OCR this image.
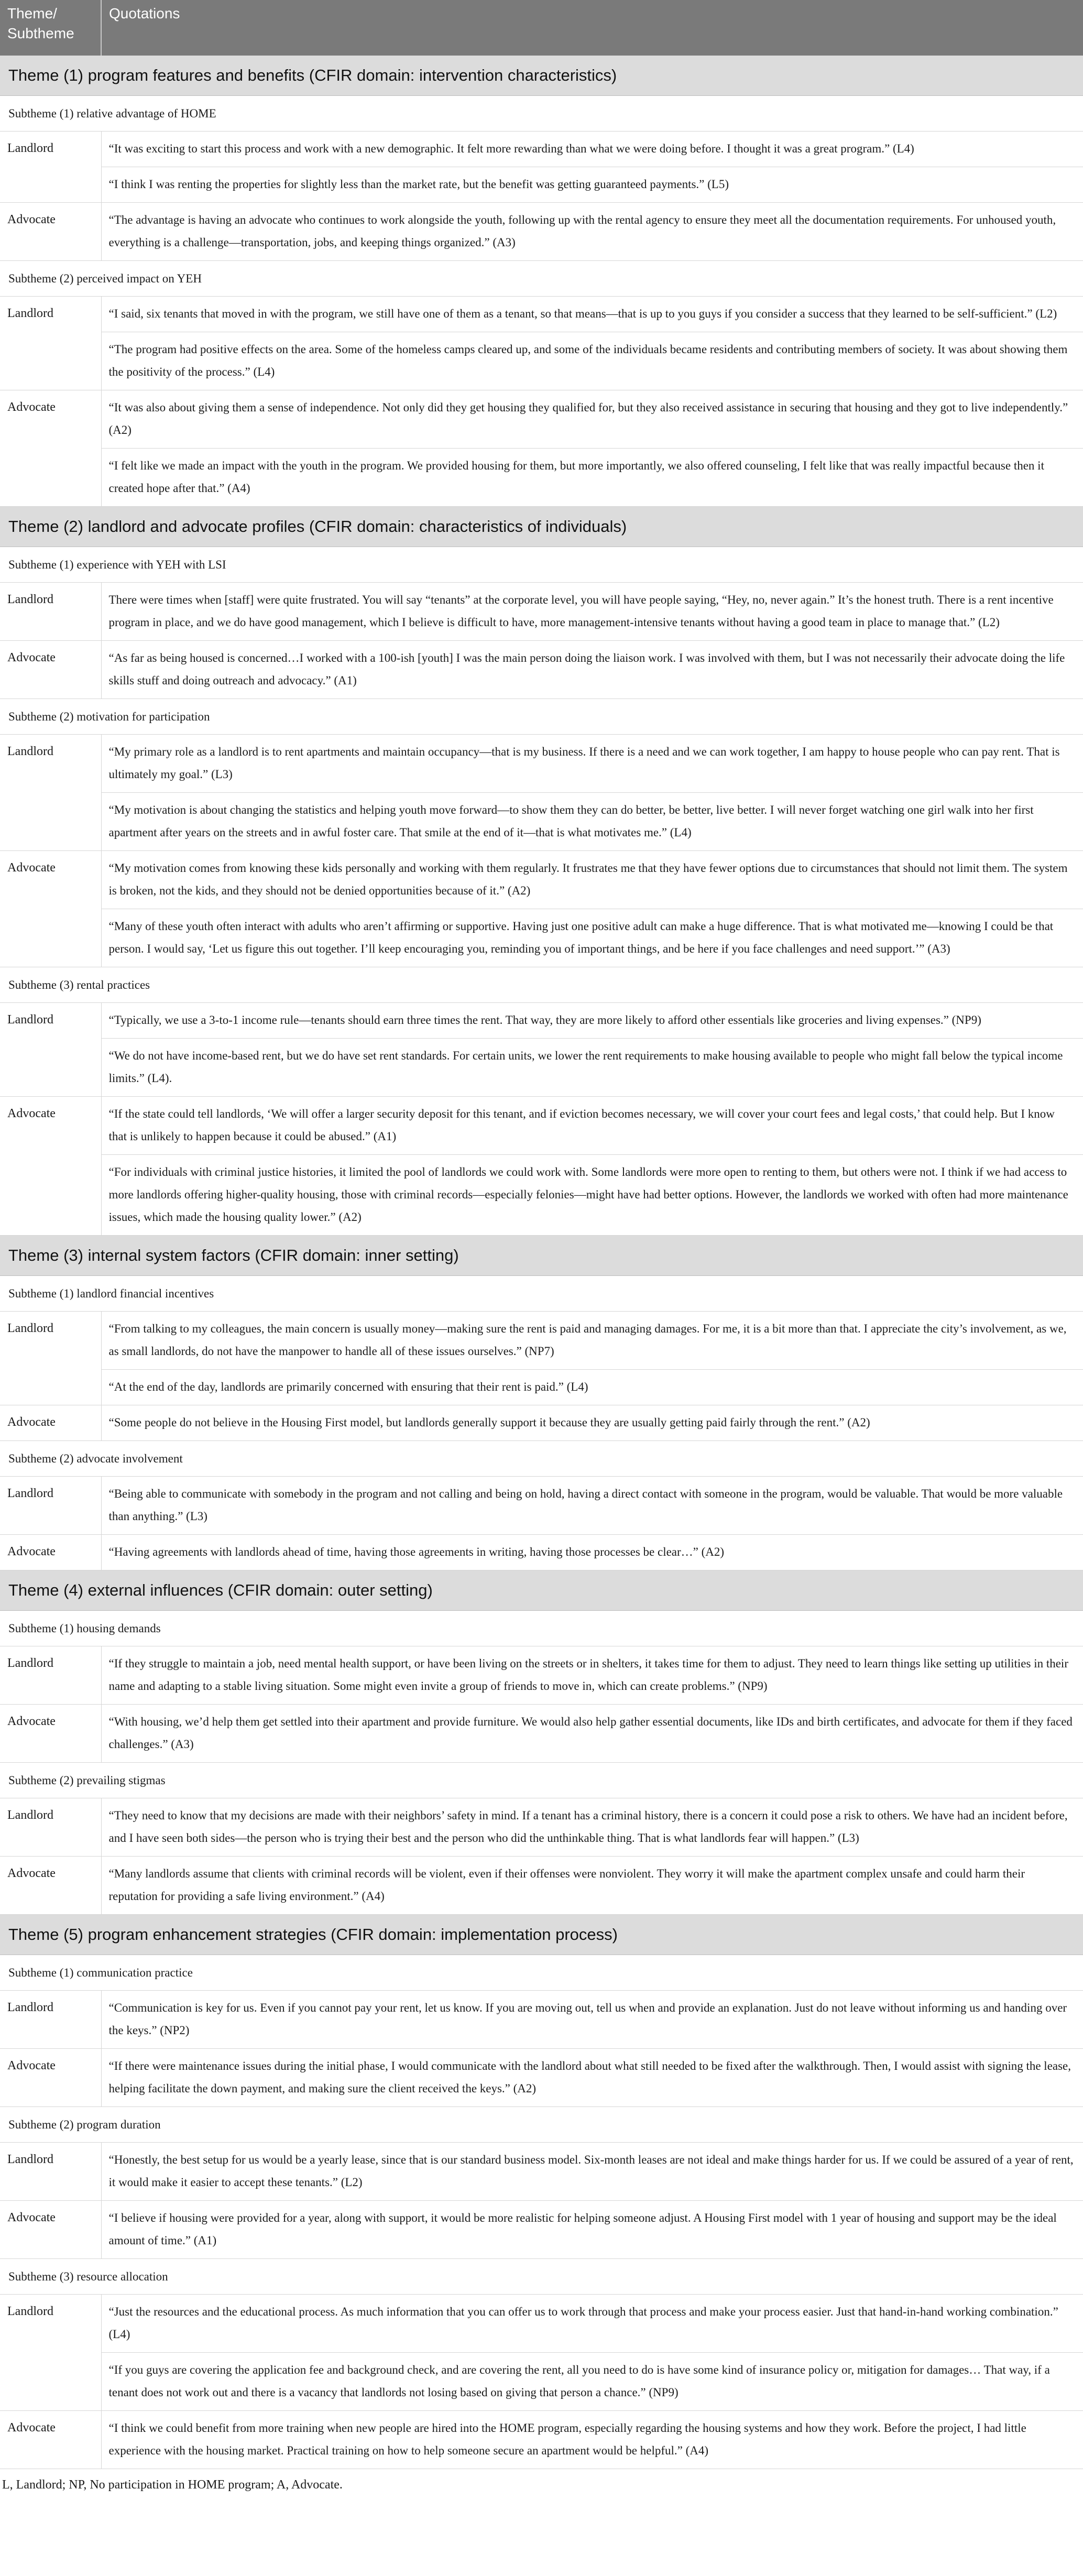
Theme/ Subtheme	Quotations
Theme (1) program features and benefits (CFIR domain: intervention characteristics)	
Subtheme (1) relative advantage of HOME	
Landlord	“It was exciting to start this process and work with a new demographic. It felt more rewarding than what we were doing before. I thought it was a great program.” (L4)
	“I think I was renting the properties for slightly less than the market rate, but the benefit was getting guaranteed payments.” (L5)
Advocate	“The advantage is having an advocate who continues to work alongside the youth, following up with the rental agency to ensure they meet all the documentation requirements. For unhoused youth, everything is a challenge—transportation, jobs, and keeping things organized.” (A3)
Subtheme (2) perceived impact on YEH	
Landlord	“I said, six tenants that moved in with the program, we still have one of them as a tenant, so that means—that is up to you guys if you consider a success that they learned to be self-sufficient.” (L2)
	“The program had positive effects on the area. Some of the homeless camps cleared up, and some of the individuals became residents and contributing members of society. It was about showing them the positivity of the process.” (L4)
Advocate	“It was also about giving them a sense of independence. Not only did they get housing they qualified for, but they also received assistance in securing that housing and they got to live independently.” (A2)
	“I felt like we made an impact with the youth in the program. We provided housing for them, but more importantly, we also offered counseling, I felt like that was really impactful because then it created hope after that.” (A4)
Theme (2) landlord and advocate profiles (CFIR domain: characteristics of individuals)	
Subtheme (1) experience with YEH with LSI	
Landlord	There were times when [staff] were quite frustrated. You will say “tenants” at the corporate level, you will have people saying, “Hey, no, never again.” It’s the honest truth. There is a rent incentive program in place, and we do have good management, which I believe is difficult to have, more management-intensive tenants without having a good team in place to manage that.” (L2)
Advocate	“As far as being housed is concerned…I worked with a 100-ish [youth] I was the main person doing the liaison work. I was involved with them, but I was not necessarily their advocate doing the life skills stuff and doing outreach and advocacy.” (A1)
Subtheme (2) motivation for participation	
Landlord	“My primary role as a landlord is to rent apartments and maintain occupancy—that is my business. If there is a need and we can work together, I am happy to house people who can pay rent. That is ultimately my goal.” (L3)
	“My motivation is about changing the statistics and helping youth move forward—to show them they can do better, be better, live better. I will never forget watching one girl walk into her first apartment after years on the streets and in awful foster care. That smile at the end of it—that is what motivates me.” (L4)
Advocate	“My motivation comes from knowing these kids personally and working with them regularly. It frustrates me that they have fewer options due to circumstances that should not limit them. The system is broken, not the kids, and they should not be denied opportunities because of it.” (A2)
	“Many of these youth often interact with adults who aren’t affirming or supportive. Having just one positive adult can make a huge difference. That is what motivated me—knowing I could be that person. I would say, ‘Let us figure this out together. I’ll keep encouraging you, reminding you of important things, and be here if you face challenges and need support.’” (A3)
Subtheme (3) rental practices	
Landlord	“Typically, we use a 3-to-1 income rule—tenants should earn three times the rent. That way, they are more likely to afford other essentials like groceries and living expenses.” (NP9)
	“We do not have income-based rent, but we do have set rent standards. For certain units, we lower the rent requirements to make housing available to people who might fall below the typical income limits.” (L4).
Advocate	“If the state could tell landlords, ‘We will offer a larger security deposit for this tenant, and if eviction becomes necessary, we will cover your court fees and legal costs,’ that could help. But I know that is unlikely to happen because it could be abused.” (A1)
	“For individuals with criminal justice histories, it limited the pool of landlords we could work with. Some landlords were more open to renting to them, but others were not. I think if we had access to more landlords offering higher-quality housing, those with criminal records—especially felonies—might have had better options. However, the landlords we worked with often had more maintenance issues, which made the housing quality lower.” (A2)
Theme (3) internal system factors (CFIR domain: inner setting)	
Subtheme (1) landlord financial incentives	
Landlord	“From talking to my colleagues, the main concern is usually money—making sure the rent is paid and managing damages. For me, it is a bit more than that. I appreciate the city’s involvement, as we, as small landlords, do not have the manpower to handle all of these issues ourselves.” (NP7)
	“At the end of the day, landlords are primarily concerned with ensuring that their rent is paid.” (L4)
Advocate	“Some people do not believe in the Housing First model, but landlords generally support it because they are usually getting paid fairly through the rent.” (A2)
Subtheme (2) advocate involvement	
Landlord	“Being able to communicate with somebody in the program and not calling and being on hold, having a direct contact with someone in the program, would be valuable. That would be more valuable than anything.” (L3)
Advocate	“Having agreements with landlords ahead of time, having those agreements in writing, having those processes be clear…” (A2)
Theme (4) external influences (CFIR domain: outer setting)	
Subtheme (1) housing demands	
Landlord	“If they struggle to maintain a job, need mental health support, or have been living on the streets or in shelters, it takes time for them to adjust. They need to learn things like setting up utilities in their name and adapting to a stable living situation. Some might even invite a group of friends to move in, which can create problems.” (NP9)
Advocate	“With housing, we’d help them get settled into their apartment and provide furniture. We would also help gather essential documents, like IDs and birth certificates, and advocate for them if they faced challenges.” (A3)
Subtheme (2) prevailing stigmas	
Landlord	“They need to know that my decisions are made with their neighbors’ safety in mind. If a tenant has a criminal history, there is a concern it could pose a risk to others. We have had an incident before, and I have seen both sides—the person who is trying their best and the person who did the unthinkable thing. That is what landlords fear will happen.” (L3)
Advocate	“Many landlords assume that clients with criminal records will be violent, even if their offenses were nonviolent. They worry it will make the apartment complex unsafe and could harm their reputation for providing a safe living environment.” (A4)
Theme (5) program enhancement strategies (CFIR domain: implementation process)	
Subtheme (1) communication practice	
Landlord	“Communication is key for us. Even if you cannot pay your rent, let us know. If you are moving out, tell us when and provide an explanation. Just do not leave without informing us and handing over the keys.” (NP2)
Advocate	“If there were maintenance issues during the initial phase, I would communicate with the landlord about what still needed to be fixed after the walkthrough. Then, I would assist with signing the lease, helping facilitate the down payment, and making sure the client received the keys.” (A2)
Subtheme (2) program duration	
Landlord	“Honestly, the best setup for us would be a yearly lease, since that is our standard business model. Six-month leases are not ideal and make things harder for us. If we could be assured of a year of rent, it would make it easier to accept these tenants.” (L2)
Advocate	“I believe if housing were provided for a year, along with support, it would be more realistic for helping someone adjust. A Housing First model with 1 year of housing and support may be the ideal amount of time.” (A1)
Subtheme (3) resource allocation	
Landlord	“Just the resources and the educational process. As much information that you can offer us to work through that process and make your process easier. Just that hand-in-hand working combination.” (L4)
	“If you guys are covering the application fee and background check, and are covering the rent, all you need to do is have some kind of insurance policy or, mitigation for damages… That way, if a tenant does not work out and there is a vacancy that landlords not losing based on giving that person a chance.” (NP9)
Advocate	“I think we could benefit from more training when new people are hired into the HOME program, especially regarding the housing systems and how they work. Before the project, I had little experience with the housing market. Practical training on how to help someone secure an apartment would be helpful.” (A4)
L, Landlord; NP, No participation in HOME program; A, Advocate.
